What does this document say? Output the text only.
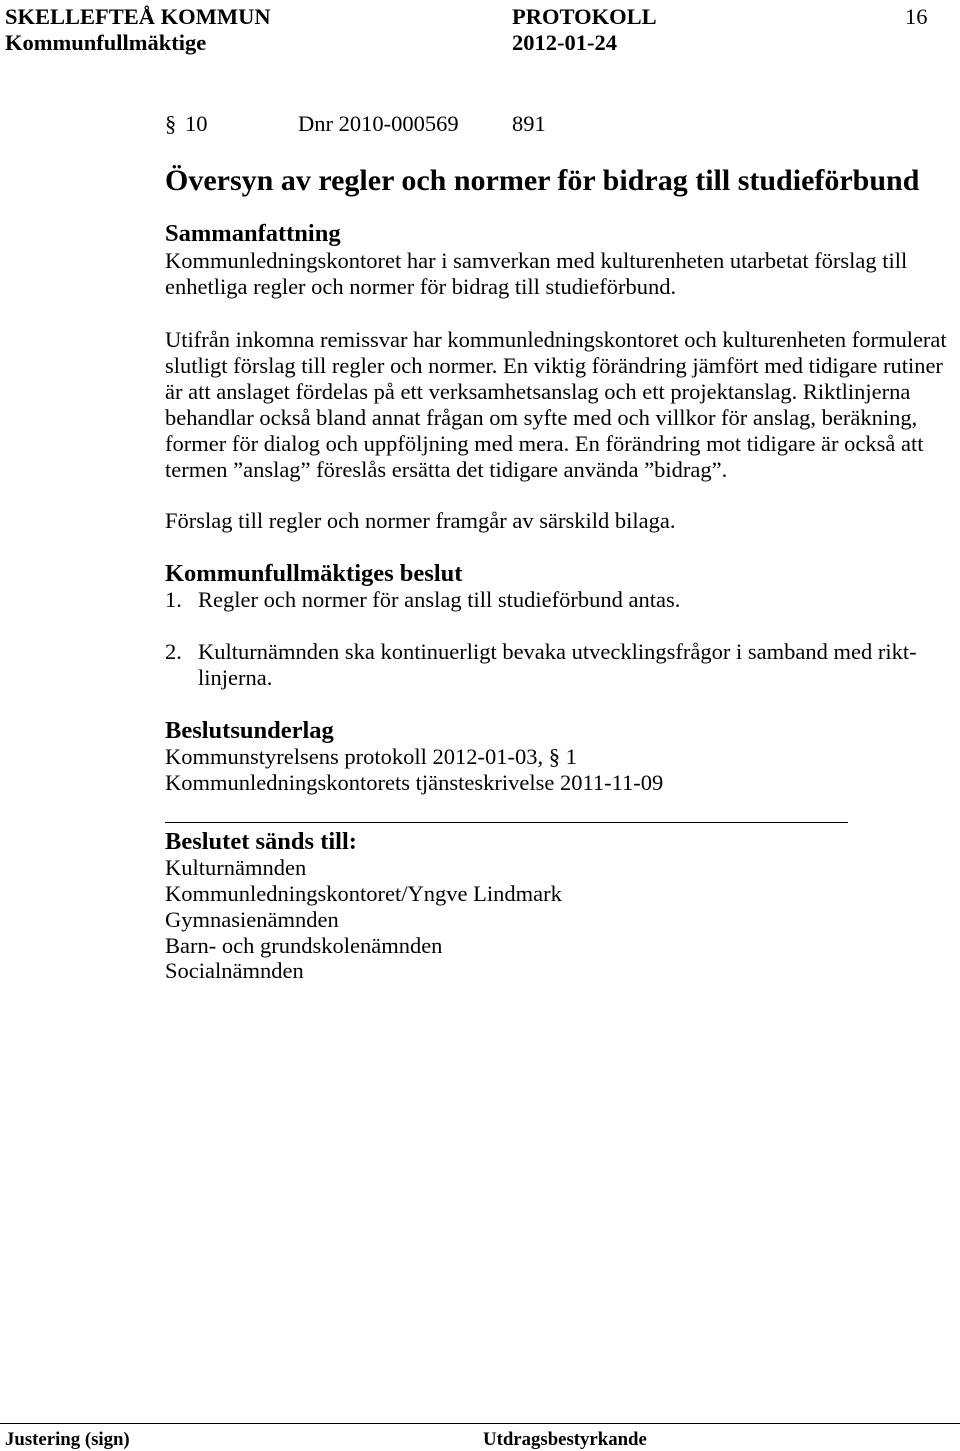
SKELLEFTEÅ KOMMUN	PROTOKOLL	16
Kommunfullmäktige	2012-01-24
§ 10	Dnr 2010-000569 891
Översyn av regler och normer för bidrag till studieförbund
Sammanfattning
Kommunledningskontoret har i samverkan med kulturenheten utarbetat förslag till
enhetliga regler och normer för bidrag till studieförbund.
Utifrån inkomna remissvar har kommunledningskontoret och kulturenheten formulerat
slutligt förslag till regler och normer. En viktig förändring jämfört med tidigare rutiner
är att anslaget fördelas på ett verksamhetsanslag och ett projektanslag. Riktlinjerna
behandlar också bland annat frågan om syfte med och villkor för anslag, beräkning,
former för dialog och uppföljning med mera. En förändring mot tidigare är också att
termen ”anslag” föreslås ersätta det tidigare använda ”bidrag”.
Förslag till regler och normer framgår av särskild bilaga.
Kommunfullmäktiges beslut
1. Regler och normer för anslag till studieförbund antas.
2. Kulturnämnden ska kontinuerligt bevaka utvecklingsfrågor i samband med rikt-
linjerna.
Beslutsunderlag
Kommunstyrelsens protokoll 2012-01-03, § 1
Kommunledningskontorets tjänsteskrivelse 2011-11-09
Beslutet sänds till:
Kulturnämnden
Kommunledningskontoret/Yngve Lindmark
Gymnasienämnden
Barn- och grundskolenämnden
Socialnämnden
Justering (sign)	Utdragsbestyrkande
